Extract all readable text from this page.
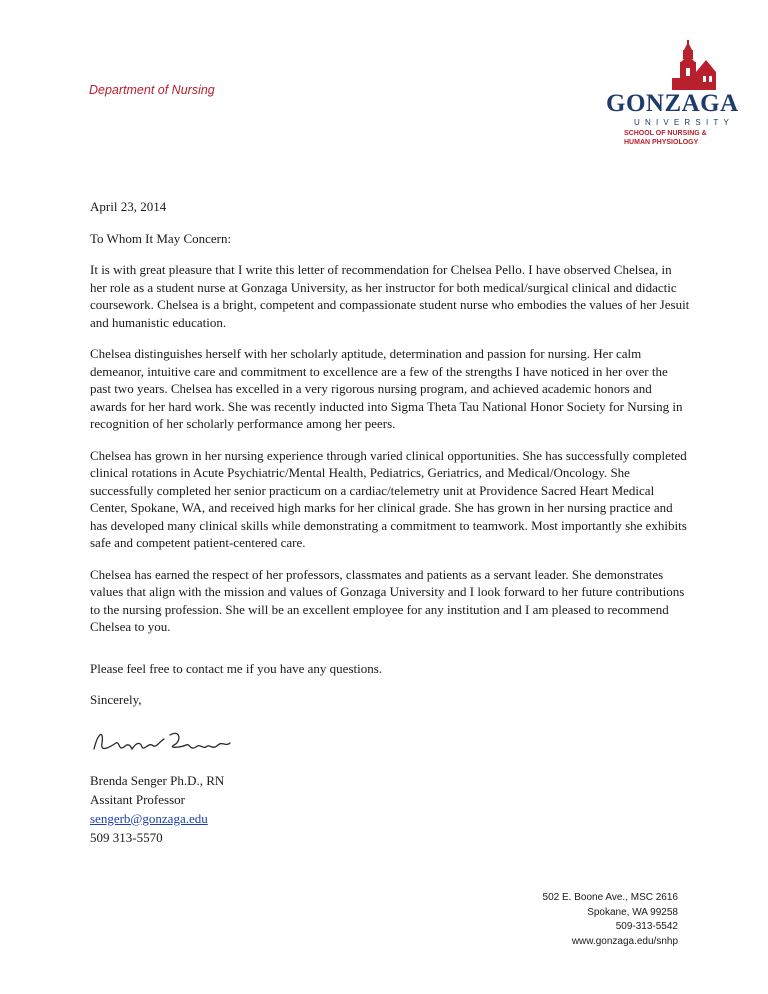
Department of Nursing	GONZAGA
UNIVERSITY
SCHOOL OF NURSING &
HUMAN PHYSIOLOGY

April 23, 2014

To Whom It May Concern:

It is with great pleasure that I write this letter of recommendation for Chelsea Pello. I have observed Chelsea, in her role as a student nurse at Gonzaga University, as her instructor for both medical/surgical clinical and didactic coursework. Chelsea is a bright, competent and compassionate student nurse who embodies the values of her Jesuit and humanistic education.

Chelsea distinguishes herself with her scholarly aptitude, determination and passion for nursing. Her calm demeanor, intuitive care and commitment to excellence are a few of the strengths I have noticed in her over the past two years. Chelsea has excelled in a very rigorous nursing program, and achieved academic honors and awards for her hard work. She was recently inducted into Sigma Theta Tau National Honor Society for Nursing in recognition of her scholarly performance among her peers.

Chelsea has grown in her nursing experience through varied clinical opportunities. She has successfully completed clinical rotations in Acute Psychiatric/Mental Health, Pediatrics, Geriatrics, and Medical/Oncology. She successfully completed her senior practicum on a cardiac/telemetry unit at Providence Sacred Heart Medical Center, Spokane, WA, and received high marks for her clinical grade. She has grown in her nursing practice and has developed many clinical skills while demonstrating a commitment to teamwork. Most importantly she exhibits safe and competent patient-centered care.

Chelsea has earned the respect of her professors, classmates and patients as a servant leader. She demonstrates values that align with the mission and values of Gonzaga University and I look forward to her future contributions to the nursing profession. She will be an excellent employee for any institution and I am pleased to recommend Chelsea to you.

Please feel free to contact me if you have any questions.

Sincerely,

Brenda Senger Ph.D., RN
Assitant Professor
sengerb@gonzaga.edu
509 313-5570
502 E. Boone Ave., MSC 2616
Spokane, WA 99258
509-313-5542
www.gonzaga.edu/snhp
